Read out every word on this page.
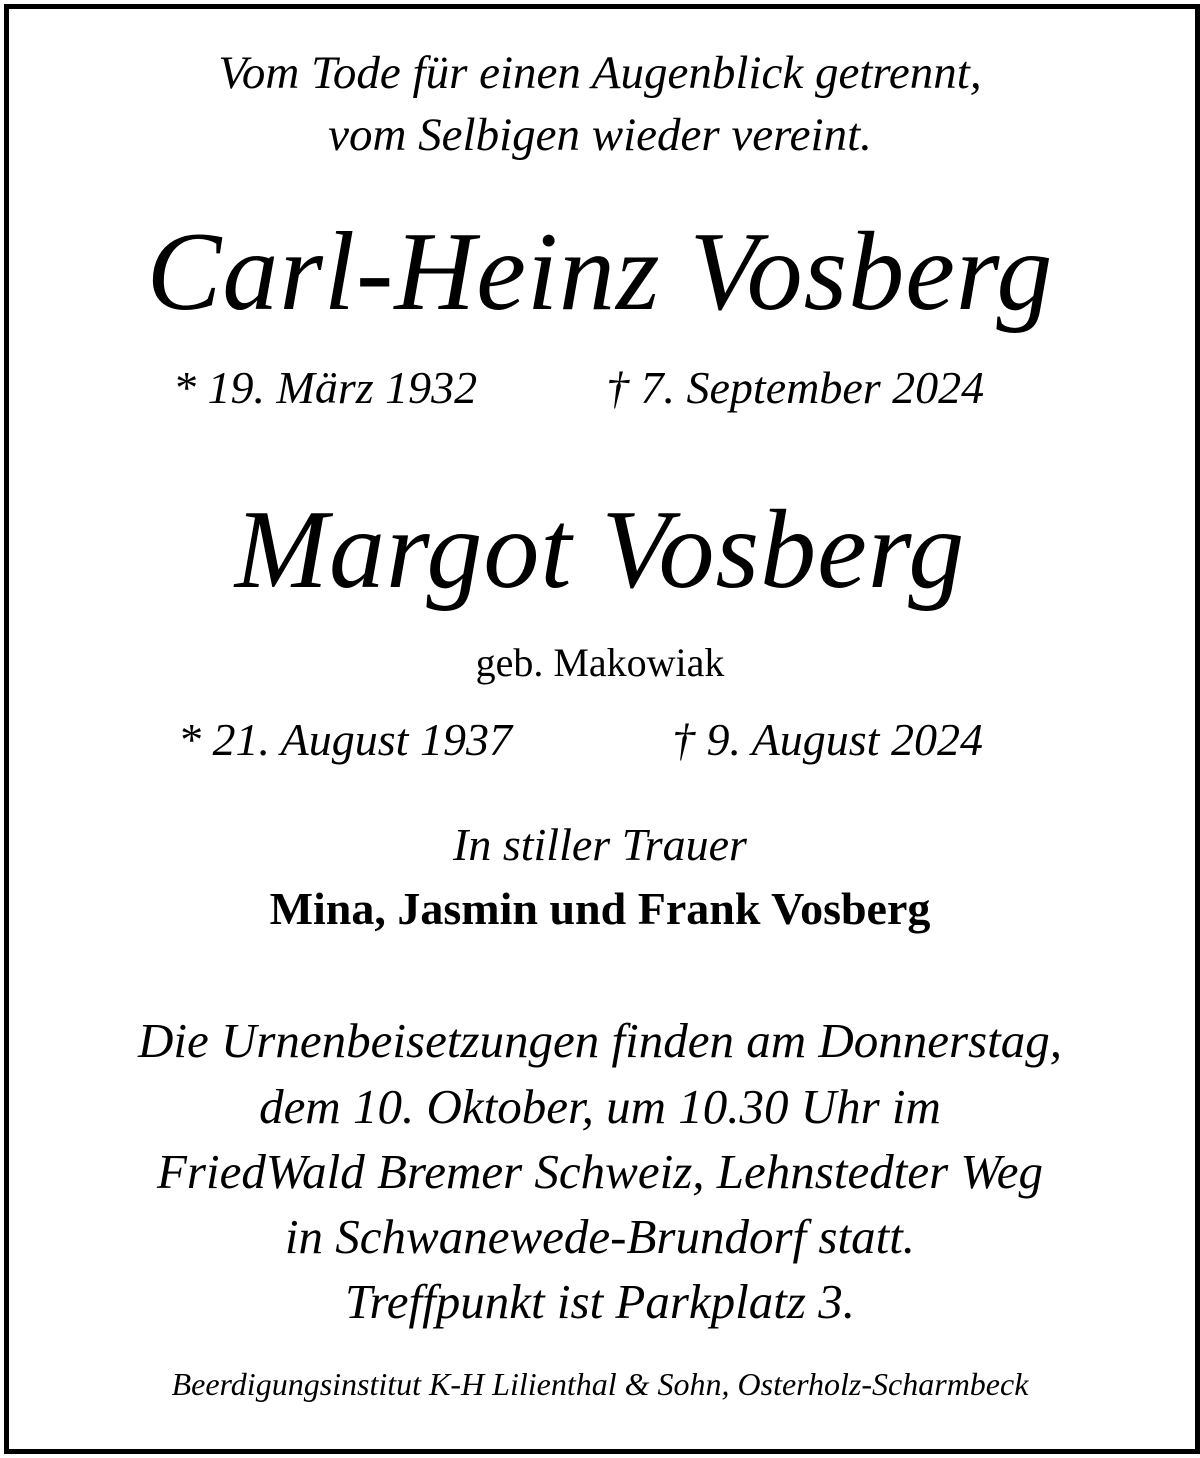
Vom Tode für einen Augenblick getrennt,
vom Selbigen wieder vereint.
Carl-Heinz Vosberg
* 19. März 1932	† 7. September 2024
Margot Vosberg
geb. Makowiak
* 21. August 1937	† 9. August 2024
In stiller Trauer
Mina, Jasmin und Frank Vosberg
Die Urnenbeisetzungen finden am Donnerstag,
dem 10. Oktober, um 10.30 Uhr im
FriedWald Bremer Schweiz, Lehnstedter Weg
in Schwanewede-Brundorf statt.
Treffpunkt ist Parkplatz 3.
Beerdigungsinstitut K-H Lilienthal & Sohn, Osterholz-Scharmbeck
